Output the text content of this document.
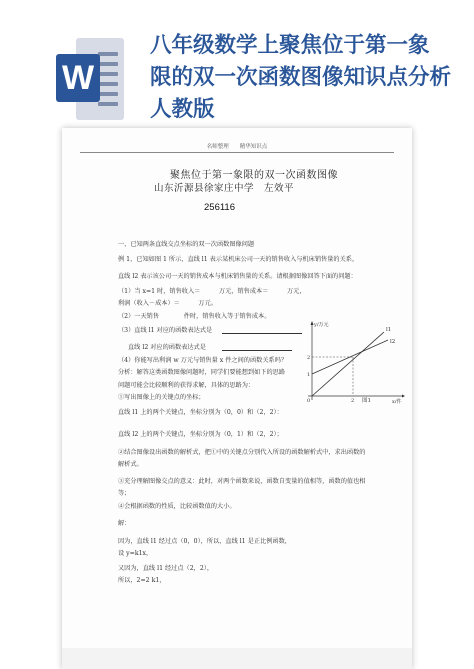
W
八年级数学上聚焦位于第一象
限的双一次函数图像知识点分析人教版
名师整理　　精华知识点
聚焦位于第一象限的双一次函数图像
山东沂源县徐家庄中学　左效平
256116
一、已知两条直线交点坐标的双一次函数图像问题
例 1、已知如图 1 所示，直线 l1 表示某机床公司一天的销售收入与机床销售量的关系，
直线 l2 表示该公司一天的销售成本与机床销售量的关系。请根据图像回答下面的问题：
（1）当 x=1 时，销售收入＝　　　万元，销售成本＝　　　万元，
利润（收入－成本）＝　　　万元。
（2）一天销售　　　　件时，销售收入等于销售成本。
（3）直线 l1 对应的函数表达式是
直线 l2 对应的函数表达式是
（4）你能写出利润 w 万元与销售量 x 件之间的函数关系吗？
分析：解答这类函数图像问题时，同学们要能想到如下的思路
问题可能会比较顺利的获得求解，具体的思路为：
①写出图像上的关键点的坐标；
直线 l1 上的两个关键点，坐标分别为（0，0）和（2，2）：
直线 l2 上的两个关键点，坐标分别为（0，1）和（2，2）；
②结合图像设出函数的解析式，把①中的关键点分别代入所设的函数解析式中，求出函数的
解析式。
③充分理解图像交点的意义：此时，对两个函数来说，函数自变量的值相等，函数的值也相
等；
④会根据函数的性质，比较函数值的大小。
解：
因为，直线 l1 经过点（0，0），所以，直线 l1 是正比例函数，
设 y=k1x，
又因为，直线 l1 经过点（2，2），
所以，2=2 k1，
y/万元
x/件
l1
l2
2
1
0	2 图1
